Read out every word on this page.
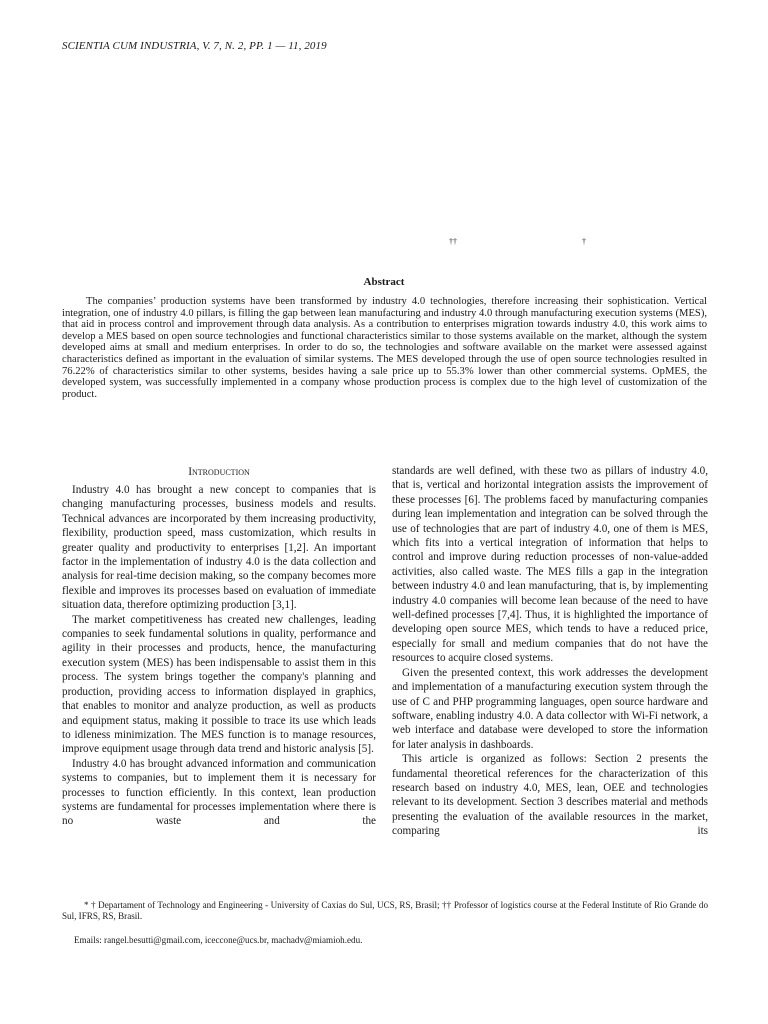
SCIENTIA CUM INDUSTRIA, V. 7, N. 2, PP. 1 — 11, 2019
††	†
Abstract

The companies’ production systems have been transformed by industry 4.0 technologies, therefore increasing their sophistication. Vertical integration, one of industry 4.0 pillars, is filling the gap between lean manufacturing and industry 4.0 through manufacturing execution systems (MES), that aid in process control and improvement through data analysis. As a contribution to enterprises migration towards industry 4.0, this work aims to develop a MES based on open source technologies and functional characteristics similar to those systems available on the market, although the system developed aims at small and medium enterprises. In order to do so, the technologies and software available on the market were assessed against characteristics defined as important in the evaluation of similar systems. The MES developed through the use of open source technologies resulted in 76.22% of characteristics similar to other systems, besides having a sale price up to 55.3% lower than other commercial systems. OpMES, the developed system, was successfully implemented in a company whose production process is complex due to the high level of customization of the product.

Introduction

Industry 4.0 has brought a new concept to companies that is changing manufacturing processes, business models and results. Technical advances are incorporated by them increasing productivity, flexibility, production speed, mass customization, which results in greater quality and productivity to enterprises [1,2]. An important factor in the implementation of industry 4.0 is the data collection and analysis for real-time decision making, so the company becomes more flexible and improves its processes based on evaluation of immediate situation data, therefore optimizing production [3,1].

The market competitiveness has created new challenges, leading companies to seek fundamental solutions in quality, performance and agility in their processes and products, hence, the manufacturing execution system (MES) has been indispensable to assist them in this process. The system brings together the company's planning and production, providing access to information displayed in graphics, that enables to monitor and analyze production, as well as products and equipment status, making it possible to trace its use which leads to idleness minimization. The MES function is to manage resources, improve equipment usage through data trend and historic analysis [5].

Industry 4.0 has brought advanced information and communication systems to companies, but to implement them it is necessary for processes to function efficiently. In this context, lean production systems are fundamental for processes implementation where there is no waste and the

standards are well defined, with these two as pillars of industry 4.0, that is, vertical and horizontal integration assists the improvement of these processes [6]. The problems faced by manufacturing companies during lean implementation and integration can be solved through the use of technologies that are part of industry 4.0, one of them is MES, which fits into a vertical integration of information that helps to control and improve during reduction processes of non-value-added activities, also called waste. The MES fills a gap in the integration between industry 4.0 and lean manufacturing, that is, by implementing industry 4.0 companies will become lean because of the need to have well-defined processes [7,4]. Thus, it is highlighted the importance of developing open source MES, which tends to have a reduced price, especially for small and medium companies that do not have the resources to acquire closed systems.

Given the presented context, this work addresses the development and implementation of a manufacturing execution system through the use of C and PHP programming languages, open source hardware and software, enabling industry 4.0. A data collector with Wi-Fi network, a web interface and database were developed to store the information for later analysis in dashboards.

This article is organized as follows: Section 2 presents the fundamental theoretical references for the characterization of this research based on industry 4.0, MES, lean, OEE and technologies relevant to its development. Section 3 describes material and methods presenting the evaluation of the available resources in the market, comparing its

* † Departament of Technology and Engineering - University of Caxias do Sul, UCS, RS, Brasil; †† Professor of logistics course at the Federal Institute of Rio Grande do Sul, IFRS, RS, Brasil.

Emails: rangel.besutti@gmail.com, iceccone@ucs.br, machadv@miamioh.edu.
